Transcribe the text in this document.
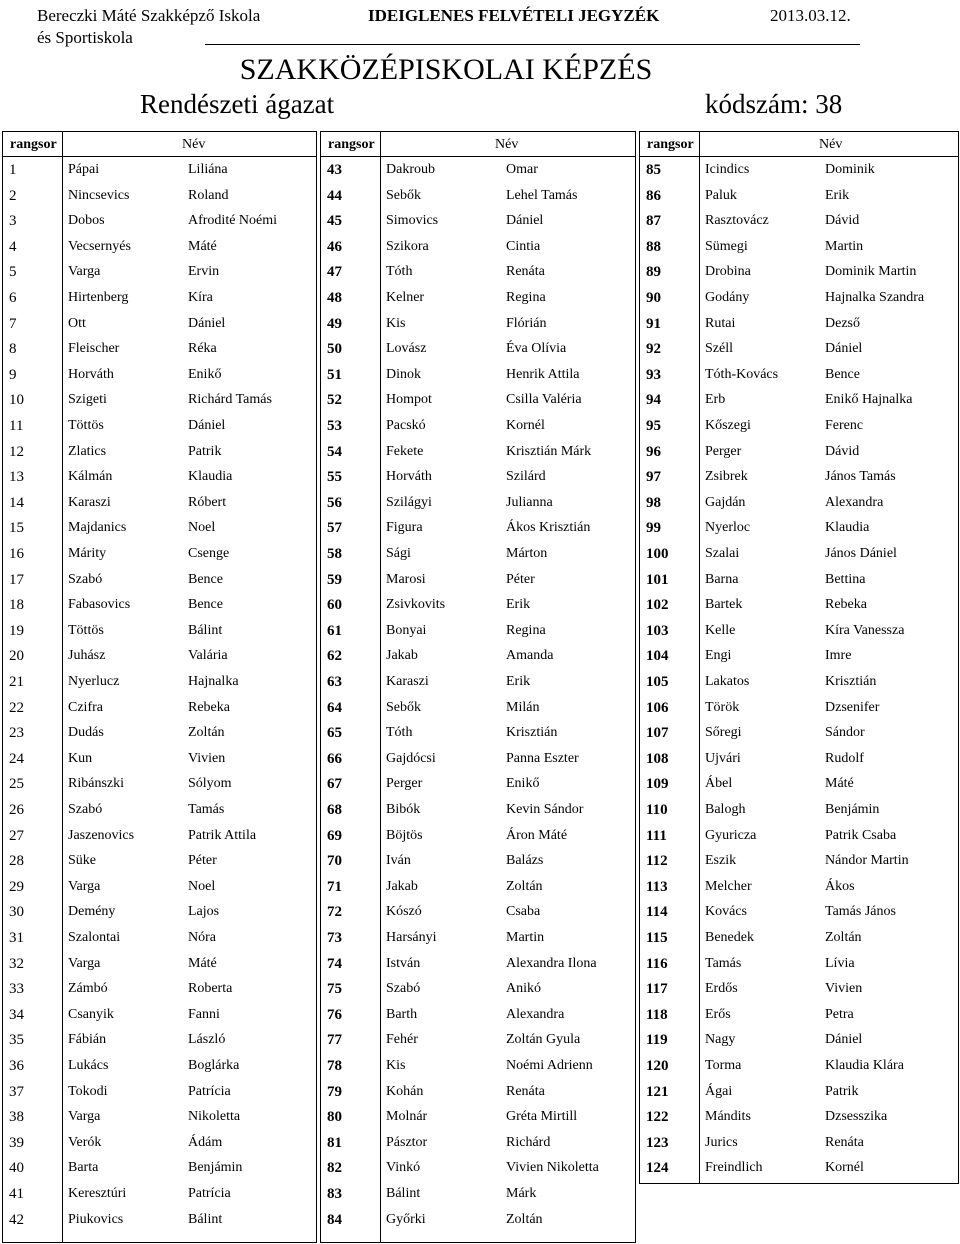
Bereczki Máté Szakképző Iskola
és Sportiskola
IDEIGLENES FELVÉTELI JEGYZÉK	2013.03.12.
SZAKKÖZÉPISKOLAI KÉPZÉS
Rendészeti ágazat	kódszám: 38
rangsor	Név	rangsor	Név	rangsor	Név
1	Pápai	Liliána
2	Nincsevics	Roland
3	Dobos	Afrodité Noémi
4	Vecsernyés	Máté
5	Varga	Ervin
6	Hirtenberg	Kíra
7	Ott	Dániel
8	Fleischer	Réka
9	Horváth	Enikő
10	Szigeti	Richárd Tamás
11	Töttös	Dániel
12	Zlatics	Patrik
13	Kálmán	Klaudia
14	Karaszi	Róbert
15	Majdanics	Noel
16	Márity	Csenge
17	Szabó	Bence
18	Fabasovics	Bence
19	Töttös	Bálint
20	Juhász	Valária
21	Nyerlucz	Hajnalka
22	Czifra	Rebeka
23	Dudás	Zoltán
24	Kun	Vivien
25	Ribánszki	Sólyom
26	Szabó	Tamás
27	Jaszenovics	Patrik Attila
28	Süke	Péter
29	Varga	Noel
30	Demény	Lajos
31	Szalontai	Nóra
32	Varga	Máté
33	Zámbó	Roberta
34	Csanyik	Fanni
35	Fábián	László
36	Lukács	Boglárka
37	Tokodi	Patrícia
38	Varga	Nikoletta
39	Verók	Ádám
40	Barta	Benjámin
41	Keresztúri	Patrícia
42	Piukovics	Bálint
43	Dakroub	Omar
44	Sebők	Lehel Tamás
45	Simovics	Dániel
46	Szikora	Cintia
47	Tóth	Renáta
48	Kelner	Regina
49	Kis	Flórián
50	Lovász	Éva Olívia
51	Dinok	Henrik Attila
52	Hompot	Csilla Valéria
53	Pacskó	Kornél
54	Fekete	Krisztián Márk
55	Horváth	Szilárd
56	Szilágyi	Julianna
57	Figura	Ákos Krisztián
58	Sági	Márton
59	Marosi	Péter
60	Zsivkovits	Erik
61	Bonyai	Regina
62	Jakab	Amanda
63	Karaszi	Erik
64	Sebők	Milán
65	Tóth	Krisztián
66	Gajdócsi	Panna Eszter
67	Perger	Enikő
68	Bibók	Kevin Sándor
69	Böjtös	Áron Máté
70	Iván	Balázs
71	Jakab	Zoltán
72	Kószó	Csaba
73	Harsányi	Martin
74	István	Alexandra Ilona
75	Szabó	Anikó
76	Barth	Alexandra
77	Fehér	Zoltán Gyula
78	Kis	Noémi Adrienn
79	Kohán	Renáta
80	Molnár	Gréta Mirtill
81	Pásztor	Richárd
82	Vinkó	Vivien Nikoletta
83	Bálint	Márk
84	Győrki	Zoltán
85	Icindics	Dominik
86	Paluk	Erik
87	Rasztovácz	Dávid
88	Sümegi	Martin
89	Drobina	Dominik Martin
90	Godány	Hajnalka Szandra
91	Rutai	Dezső
92	Széll	Dániel
93	Tóth-Kovács	Bence
94	Erb	Enikő Hajnalka
95	Kőszegi	Ferenc
96	Perger	Dávid
97	Zsibrek	János Tamás
98	Gajdán	Alexandra
99	Nyerloc	Klaudia
100	Szalai	János Dániel
101	Barna	Bettina
102	Bartek	Rebeka
103	Kelle	Kíra Vanessza
104	Engi	Imre
105	Lakatos	Krisztián
106	Török	Dzsenifer
107	Sőregi	Sándor
108	Ujvári	Rudolf
109	Ábel	Máté
110	Balogh	Benjámin
111	Gyuricza	Patrik Csaba
112	Eszik	Nándor Martin
113	Melcher	Ákos
114	Kovács	Tamás János
115	Benedek	Zoltán
116	Tamás	Lívia
117	Erdős	Vivien
118	Erős	Petra
119	Nagy	Dániel
120	Torma	Klaudia Klára
121	Ágai	Patrik
122	Mándits	Dzsesszika
123	Jurics	Renáta
124	Freindlich	Kornél
